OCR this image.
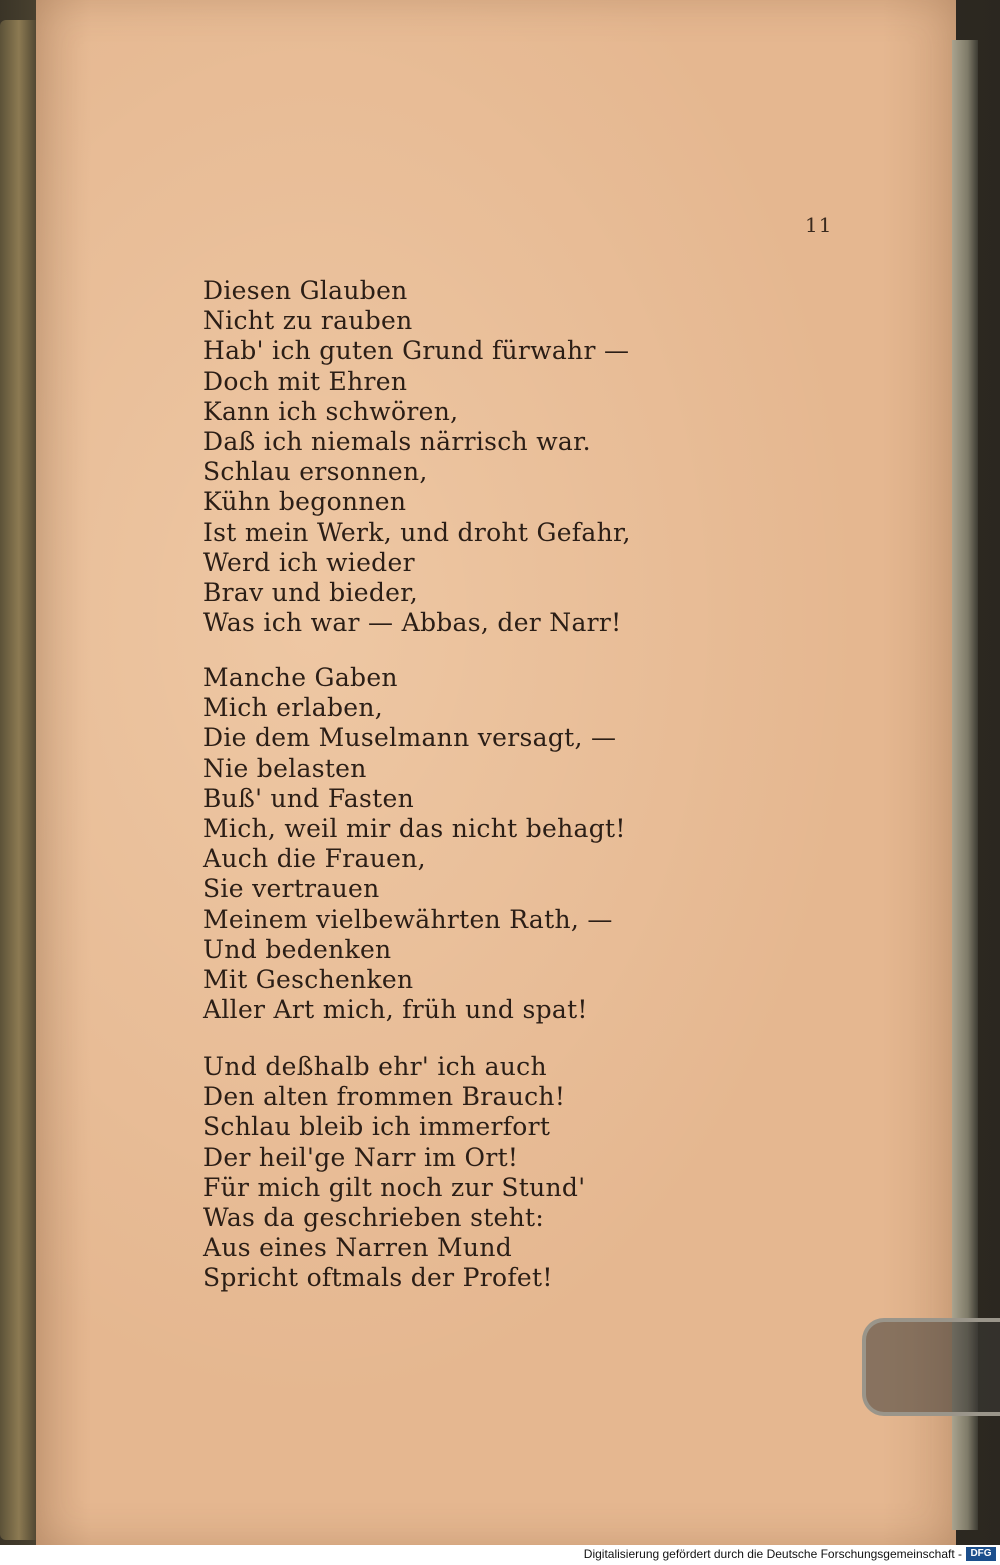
11
Diesen Glauben
Nicht zu rauben
Hab' ich guten Grund fürwahr —
Doch mit Ehren
Kann ich schwören,
Daß ich niemals närrisch war.
Schlau ersonnen,
Kühn begonnen
Ist mein Werk, und droht Gefahr,
Werd ich wieder
Brav und bieder,
Was ich war — Abbas, der Narr!
Manche Gaben
Mich erlaben,
Die dem Muselmann versagt, —
Nie belasten
Buß' und Fasten
Mich, weil mir das nicht behagt!
Auch die Frauen,
Sie vertrauen
Meinem vielbewährten Rath, —
Und bedenken
Mit Geschenken
Aller Art mich, früh und spat!
Und deßhalb ehr' ich auch
Den alten frommen Brauch!
Schlau bleib ich immerfort
Der heil'ge Narr im Ort!
Für mich gilt noch zur Stund'
Was da geschrieben steht:
Aus eines Narren Mund
Spricht oftmals der Profet!
Digitalisierung gefördert durch die Deutsche Forschungsgemeinschaft - DFG
